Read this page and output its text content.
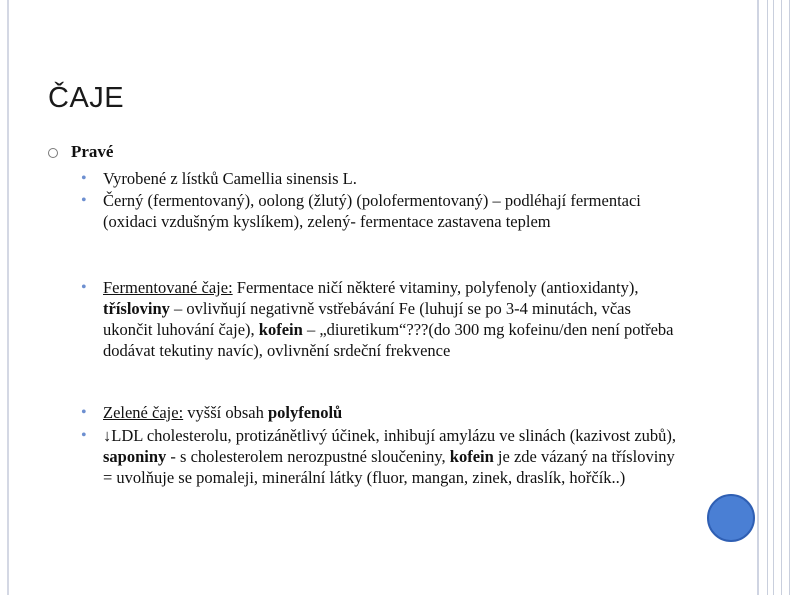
ČAJE
Pravé
• Vyrobené z lístků Camellia sinensis L.
• Černý (fermentovaný), oolong (žlutý) (polofermentovaný) – podléhají fermentaci (oxidaci vzdušným kyslíkem), zelený- fermentace zastavena teplem
• Fermentované čaje: Fermentace ničí některé vitaminy, polyfenoly (antioxidanty), třísloviny – ovlivňují negativně vstřebávání Fe (luhují se po 3-4 minutách, včas ukončit luhování čaje), kofein – „diuretikum“???(do 300 mg kofeinu/den není potřeba dodávat tekutiny navíc), ovlivnění srdeční frekvence
• Zelené čaje: vyšší obsah polyfenolů
• ↓LDL cholesterolu, protizánětlivý účinek, inhibují amylázu ve slinách (kazivost zubů), saponiny - s cholesterolem nerozpustné sloučeniny, kofein je zde vázaný na třísloviny = uvolňuje se pomaleji, minerální látky (fluor, mangan, zinek, draslík, hořčík..)
